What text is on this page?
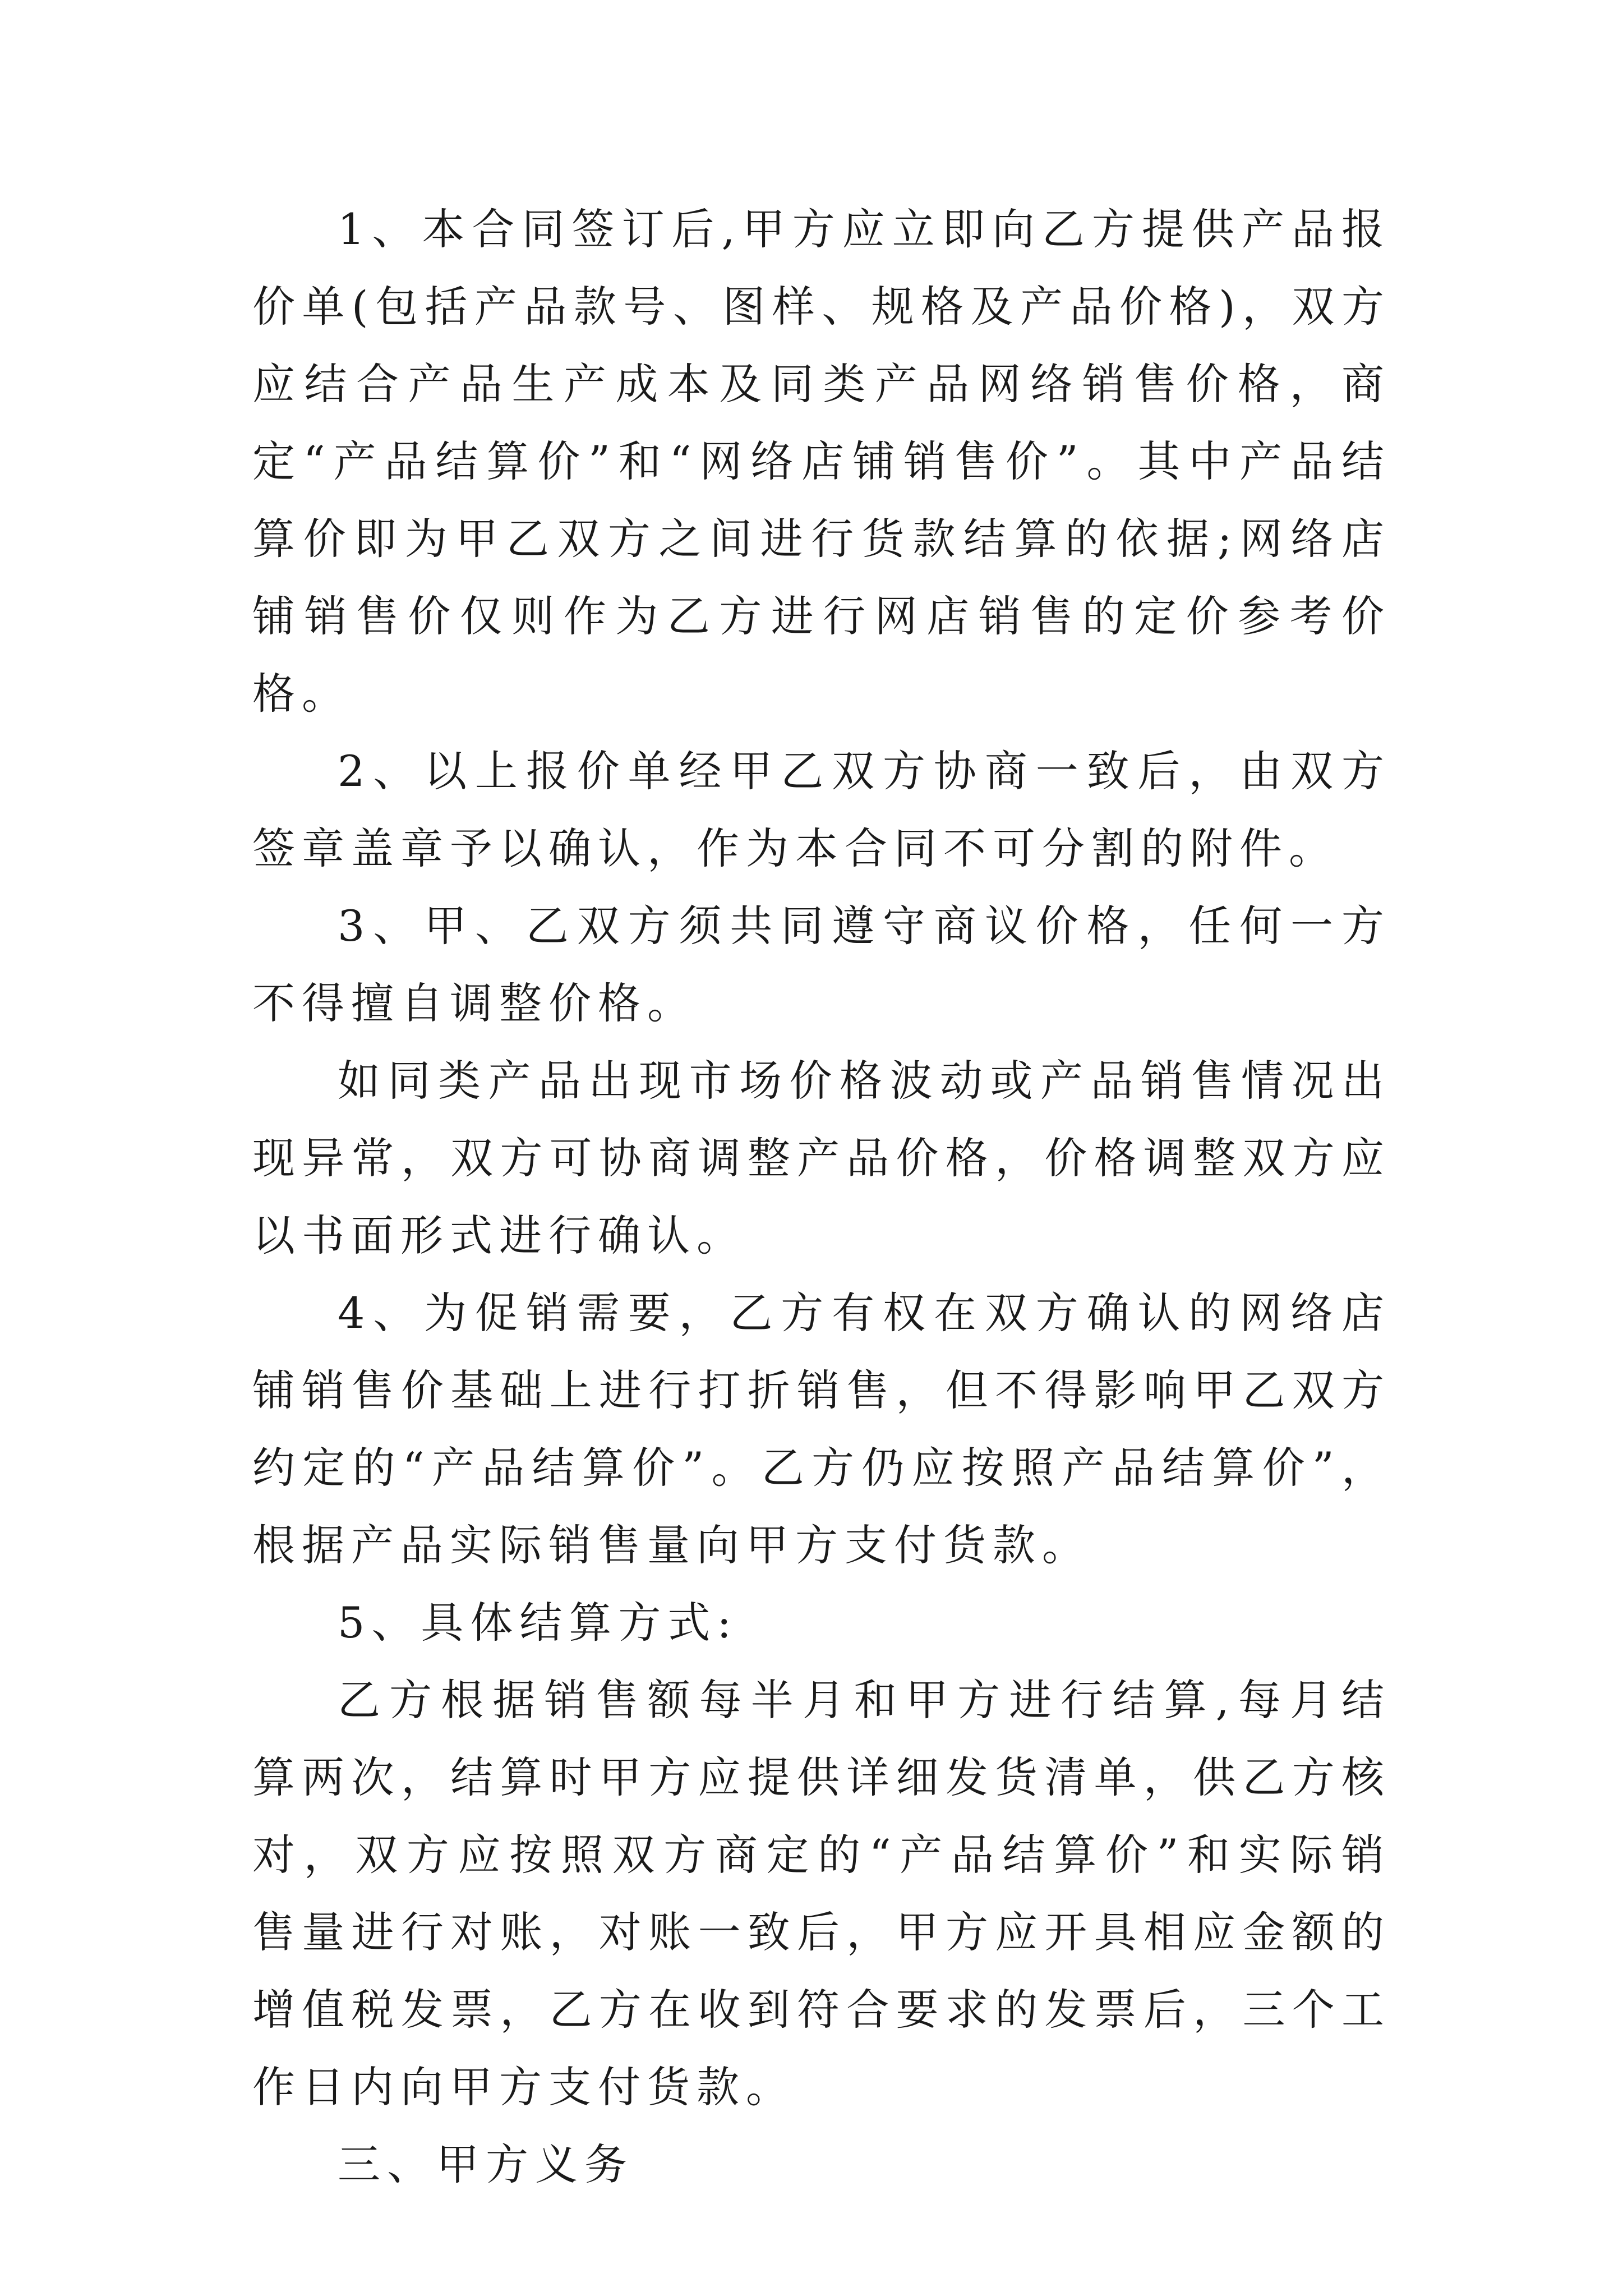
1、本合同签订后,甲方应立即向乙方提供产品报价单(包括产品款号、图样、规格及产品价格)，双方应结合产品生产成本及同类产品网络销售价格，商定“产品结算价”和“网络店铺销售价”。其中产品结算价即为甲乙双方之间进行货款结算的依据;网络店铺销售价仅则作为乙方进行网店销售的定价参考价格。

2、以上报价单经甲乙双方协商一致后，由双方签章盖章予以确认，作为本合同不可分割的附件。

3、甲、乙双方须共同遵守商议价格，任何一方不得擅自调整价格。

如同类产品出现市场价格波动或产品销售情况出现异常，双方可协商调整产品价格，价格调整双方应以书面形式进行确认。

4、为促销需要，乙方有权在双方确认的网络店铺销售价基础上进行打折销售，但不得影响甲乙双方约定的“产品结算价”。乙方仍应按照产品结算价”，根据产品实际销售量向甲方支付货款。

5、具体结算方式:

乙方根据销售额每半月和甲方进行结算,每月结算两次，结算时甲方应提供详细发货清单，供乙方核对，双方应按照双方商定的“产品结算价”和实际销售量进行对账，对账一致后，甲方应开具相应金额的增值税发票，乙方在收到符合要求的发票后，三个工作日内向甲方支付货款。

三、甲方义务
